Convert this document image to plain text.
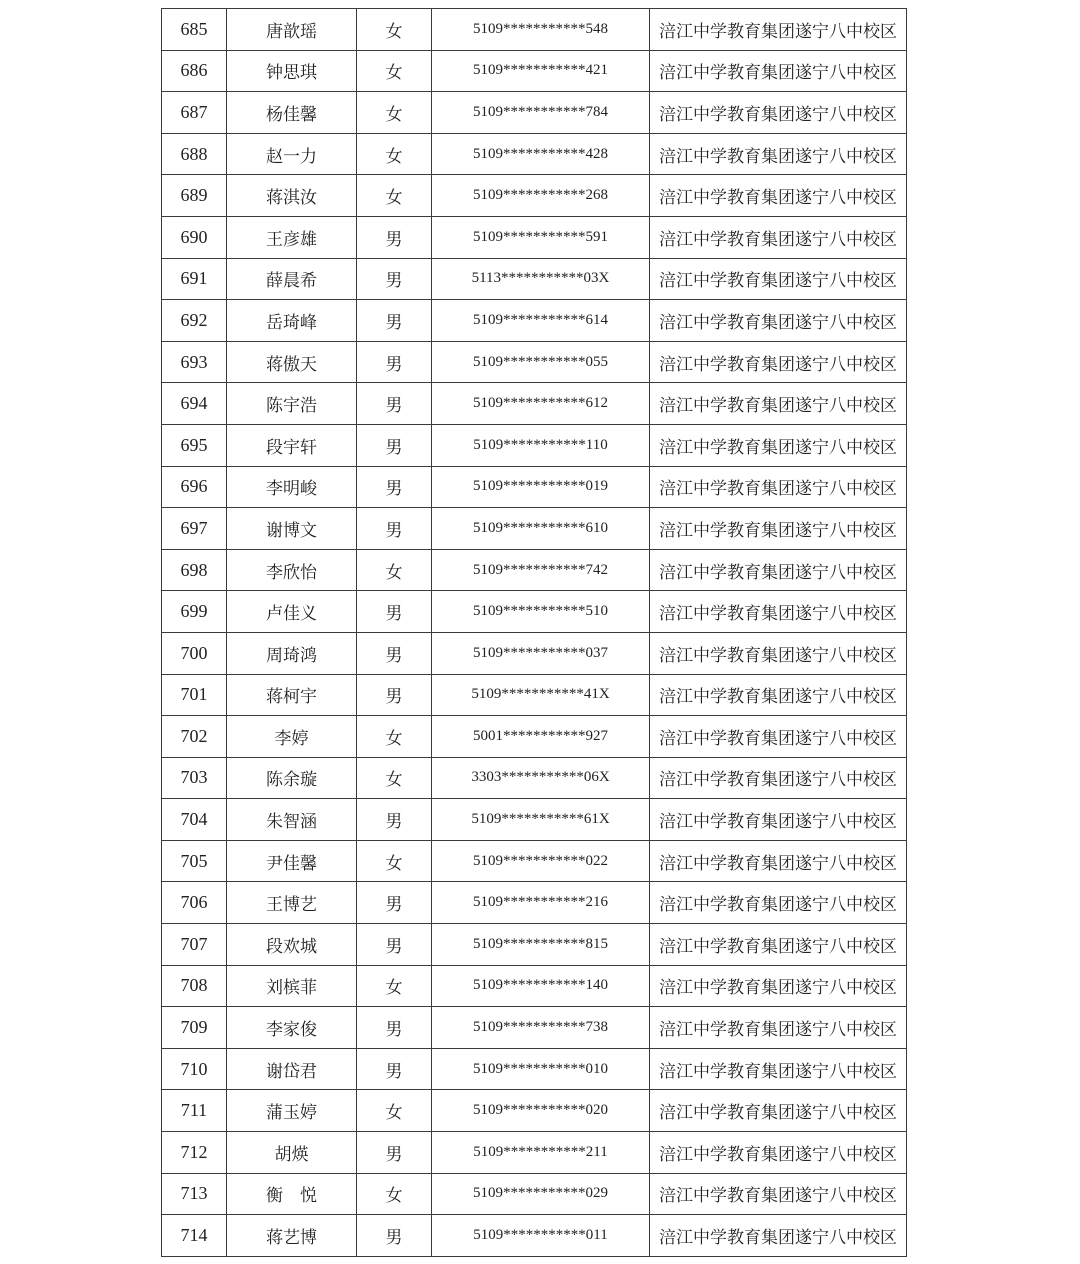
685	唐歆瑶	女	5109***********548	涪江中学教育集团遂宁八中校区
686	钟思琪	女	5109***********421	涪江中学教育集团遂宁八中校区
687	杨佳馨	女	5109***********784	涪江中学教育集团遂宁八中校区
688	赵一力	女	5109***********428	涪江中学教育集团遂宁八中校区
689	蒋淇汝	女	5109***********268	涪江中学教育集团遂宁八中校区
690	王彦雄	男	5109***********591	涪江中学教育集团遂宁八中校区
691	薛晨希	男	5113***********03X	涪江中学教育集团遂宁八中校区
692	岳琦峰	男	5109***********614	涪江中学教育集团遂宁八中校区
693	蒋傲天	男	5109***********055	涪江中学教育集团遂宁八中校区
694	陈宇浩	男	5109***********612	涪江中学教育集团遂宁八中校区
695	段宇轩	男	5109***********110	涪江中学教育集团遂宁八中校区
696	李明峻	男	5109***********019	涪江中学教育集团遂宁八中校区
697	谢博文	男	5109***********610	涪江中学教育集团遂宁八中校区
698	李欣怡	女	5109***********742	涪江中学教育集团遂宁八中校区
699	卢佳义	男	5109***********510	涪江中学教育集团遂宁八中校区
700	周琦鸿	男	5109***********037	涪江中学教育集团遂宁八中校区
701	蒋柯宇	男	5109***********41X	涪江中学教育集团遂宁八中校区
702	李婷	女	5001***********927	涪江中学教育集团遂宁八中校区
703	陈余璇	女	3303***********06X	涪江中学教育集团遂宁八中校区
704	朱智涵	男	5109***********61X	涪江中学教育集团遂宁八中校区
705	尹佳馨	女	5109***********022	涪江中学教育集团遂宁八中校区
706	王博艺	男	5109***********216	涪江中学教育集团遂宁八中校区
707	段欢城	男	5109***********815	涪江中学教育集团遂宁八中校区
708	刘槟菲	女	5109***********140	涪江中学教育集团遂宁八中校区
709	李家俊	男	5109***********738	涪江中学教育集团遂宁八中校区
710	谢岱君	男	5109***********010	涪江中学教育集团遂宁八中校区
711	蒲玉婷	女	5109***********020	涪江中学教育集团遂宁八中校区
712	胡煐	男	5109***********211	涪江中学教育集团遂宁八中校区
713	衡　悦	女	5109***********029	涪江中学教育集团遂宁八中校区
714	蒋艺博	男	5109***********011	涪江中学教育集团遂宁八中校区
